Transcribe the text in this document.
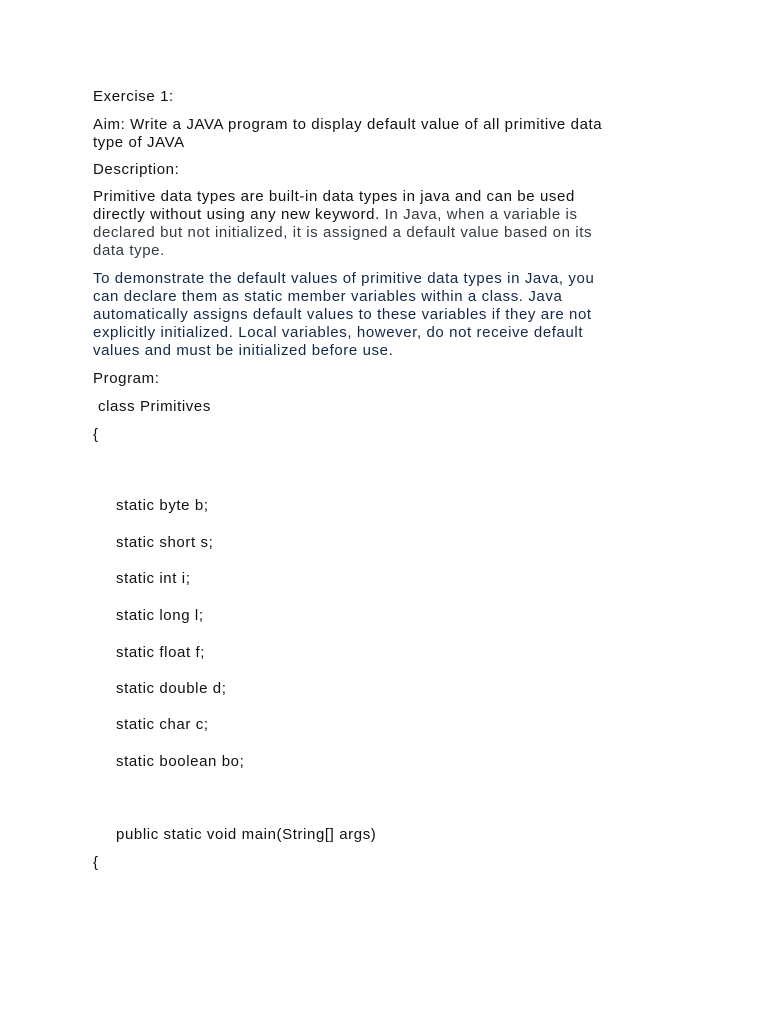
Exercise 1:
Aim: Write a JAVA program to display default value of all primitive data
type of JAVA
Description:
Primitive data types are built-in data types in java and can be used
directly without using any new keyword. In Java, when a variable is
declared but not initialized, it is assigned a default value based on its
data type.
To demonstrate the default values of primitive data types in Java, you
can declare them as static member variables within a class. Java
automatically assigns default values to these variables if they are not
explicitly initialized. Local variables, however, do not receive default
values and must be initialized before use.
Program:
class Primitives
{
static byte b;
static short s;
static int i;
static long l;
static float f;
static double d;
static char c;
static boolean bo;
public static void main(String[] args)
{
